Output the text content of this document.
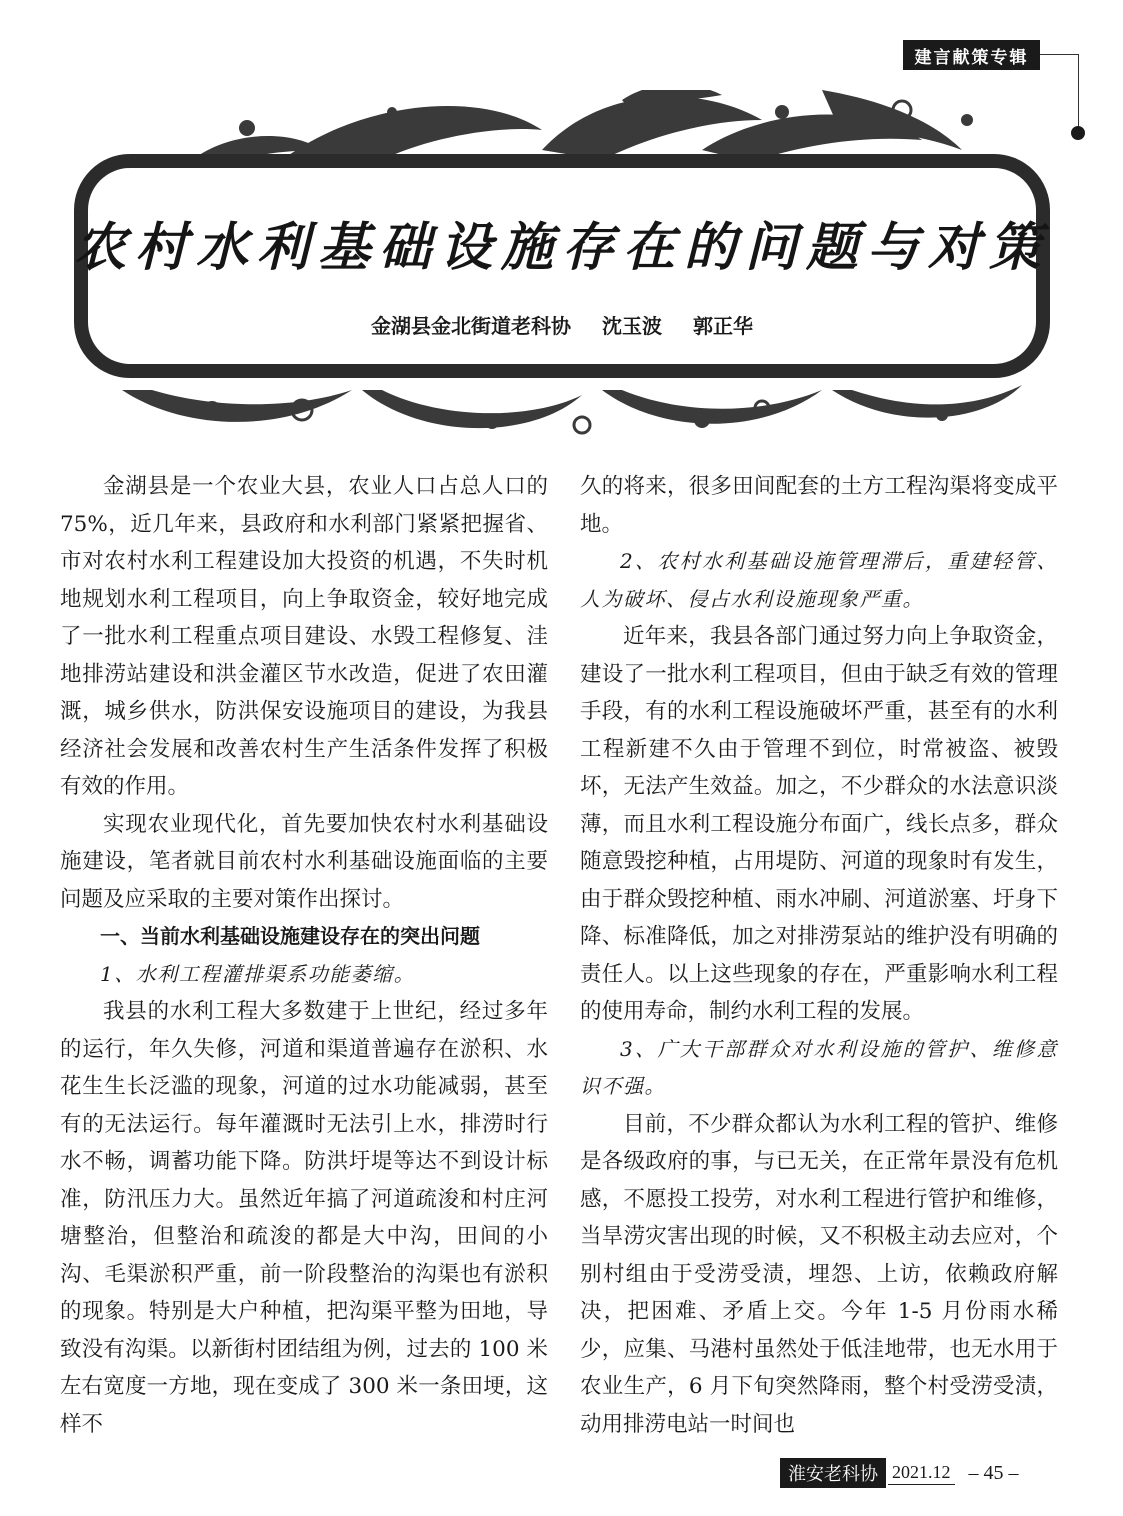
建言献策专辑
农村水利基础设施存在的问题与对策
金湖县金北街道老科协 沈玉波 郭正华

金湖县是一个农业大县，农业人口占总人口的 75%，近几年来，县政府和水利部门紧紧把握省、市对农村水利工程建设加大投资的机遇，不失时机地规划水利工程项目，向上争取资金，较好地完成了一批水利工程重点项目建设、水毁工程修复、洼地排涝站建设和洪金灌区节水改造，促进了农田灌溉，城乡供水，防洪保安设施项目的建设，为我县经济社会发展和改善农村生产生活条件发挥了积极有效的作用。

实现农业现代化，首先要加快农村水利基础设施建设，笔者就目前农村水利基础设施面临的主要问题及应采取的主要对策作出探讨。

一、当前水利基础设施建设存在的突出问题

1、水利工程灌排渠系功能萎缩。

我县的水利工程大多数建于上世纪，经过多年的运行，年久失修，河道和渠道普遍存在淤积、水花生生长泛滥的现象，河道的过水功能减弱，甚至有的无法运行。每年灌溉时无法引上水，排涝时行水不畅，调蓄功能下降。防洪圩堤等达不到设计标准，防汛压力大。虽然近年搞了河道疏浚和村庄河塘整治，但整治和疏浚的都是大中沟，田间的小沟、毛渠淤积严重，前一阶段整治的沟渠也有淤积的现象。特别是大户种植，把沟渠平整为田地，导致没有沟渠。以新街村团结组为例，过去的 100 米左右宽度一方地，现在变成了 300 米一条田埂，这样不

久的将来，很多田间配套的土方工程沟渠将变成平地。

2、农村水利基础设施管理滞后，重建轻管、人为破坏、侵占水利设施现象严重。

近年来，我县各部门通过努力向上争取资金，建设了一批水利工程项目，但由于缺乏有效的管理手段，有的水利工程设施破坏严重，甚至有的水利工程新建不久由于管理不到位，时常被盗、被毁坏，无法产生效益。加之，不少群众的水法意识淡薄，而且水利工程设施分布面广，线长点多，群众随意毁挖种植，占用堤防、河道的现象时有发生，由于群众毁挖种植、雨水冲刷、河道淤塞、圩身下降、标准降低，加之对排涝泵站的维护没有明确的责任人。以上这些现象的存在，严重影响水利工程的使用寿命，制约水利工程的发展。

3、广大干部群众对水利设施的管护、维修意识不强。

目前，不少群众都认为水利工程的管护、维修是各级政府的事，与已无关，在正常年景没有危机感，不愿投工投劳，对水利工程进行管护和维修，当旱涝灾害出现的时候，又不积极主动去应对，个别村组由于受涝受渍，埋怨、上访，依赖政府解决，把困难、矛盾上交。今年 1-5 月份雨水稀少，应集、马港村虽然处于低洼地带，也无水用于农业生产，6 月下旬突然降雨，整个村受涝受渍，动用排涝电站一时间也

淮安老科协 2021.12 – 45 –
